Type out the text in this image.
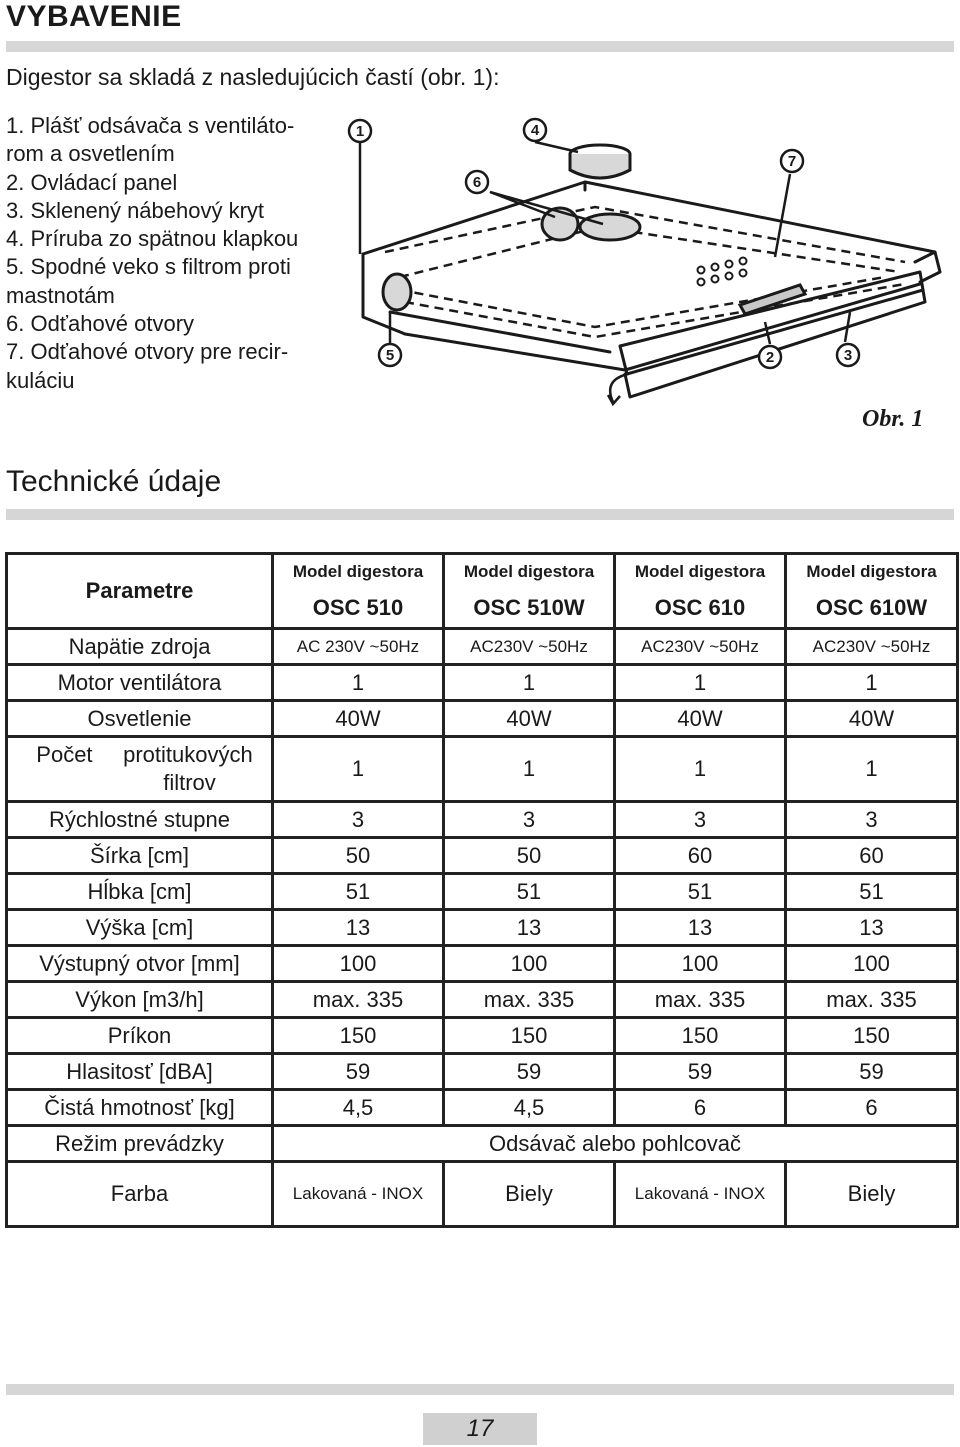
VYBAVENIE

Digestor sa skladá z nasledujúcich častí (obr. 1):

1. Plášť odsávača s ventiláto-
rom a osvetlením
2. Ovládací panel
3. Sklenený nábehový kryt
4. Príruba zo spätnou klapkou
5. Spodné veko s filtrom proti
mastnotám
6. Odťahové otvory
7. Odťahové otvory pre recir-
kuláciu
1
2	3
4
5
6
7

Obr. 1

Technické údaje
Parametre	Model digestora	Model digestora	Model digestora	Model digestora
	OSC 510	OSC 510W	OSC 610	OSC 610W
Napätie zdroja	AC 230V ~50Hz	AC230V ~50Hz	AC230V ~50Hz	AC230V ~50Hz
Motor ventilátora	1	1	1	1
Osvetlenie	40W	40W	40W	40W

Počet     protitukových
filtrov	1	1	1	1
Rýchlostné stupne	3	3	3	3
Šírka [cm]	50	50	60	60
Hĺbka [cm]	51	51	51	51
Výška [cm]	13	13	13	13
Výstupný otvor [mm]	100	100	100	100
Výkon [m3/h]	max. 335	max. 335	max. 335	max. 335
Príkon	150	150	150	150
Hlasitosť [dBA]	59	59	59	59
Čistá hmotnosť [kg]	4,5	4,5	6	6
Režim prevádzky	Odsávač alebo pohlcovač			
Farba	Lakovaná - INOX	Biely	Lakovaná - INOX	Biely
17
